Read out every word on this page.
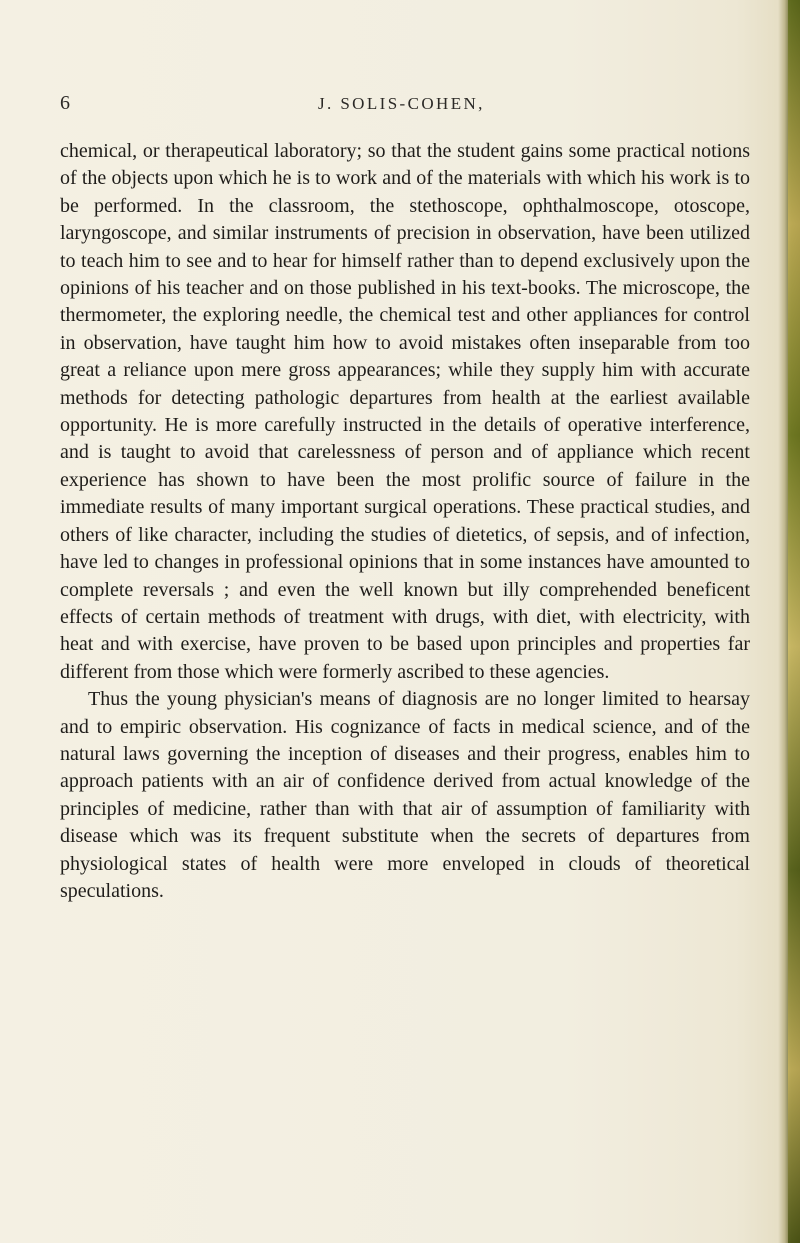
6	J. SOLIS-COHEN,

chemical, or therapeutical laboratory; so that the student gains some practical notions of the objects upon which he is to work and of the materials with which his work is to be performed. In the classroom, the stethoscope, ophthalmoscope, otoscope, laryngoscope, and similar instruments of precision in observation, have been utilized to teach him to see and to hear for himself rather than to depend exclusively upon the opinions of his teacher and on those published in his text-books. The microscope, the thermometer, the exploring needle, the chemical test and other appliances for control in observation, have taught him how to avoid mistakes often inseparable from too great a reliance upon mere gross appearances; while they supply him with accurate methods for detecting pathologic departures from health at the earliest available opportunity. He is more carefully instructed in the details of operative interference, and is taught to avoid that carelessness of person and of appliance which recent experience has shown to have been the most prolific source of failure in the immediate results of many important surgical operations. These practical studies, and others of like character, including the studies of dietetics, of sepsis, and of infection, have led to changes in professional opinions that in some instances have amounted to complete reversals ; and even the well known but illy comprehended beneficent effects of certain methods of treatment with drugs, with diet, with electricity, with heat and with exercise, have proven to be based upon principles and properties far different from those which were formerly ascribed to these agencies.

Thus the young physician's means of diagnosis are no longer limited to hearsay and to empiric observation. His cognizance of facts in medical science, and of the natural laws governing the inception of diseases and their progress, enables him to approach patients with an air of confidence derived from actual knowledge of the principles of medicine, rather than with that air of assumption of familiarity with disease which was its frequent substitute when the secrets of departures from physiological states of health were more enveloped in clouds of theoretical speculations.
